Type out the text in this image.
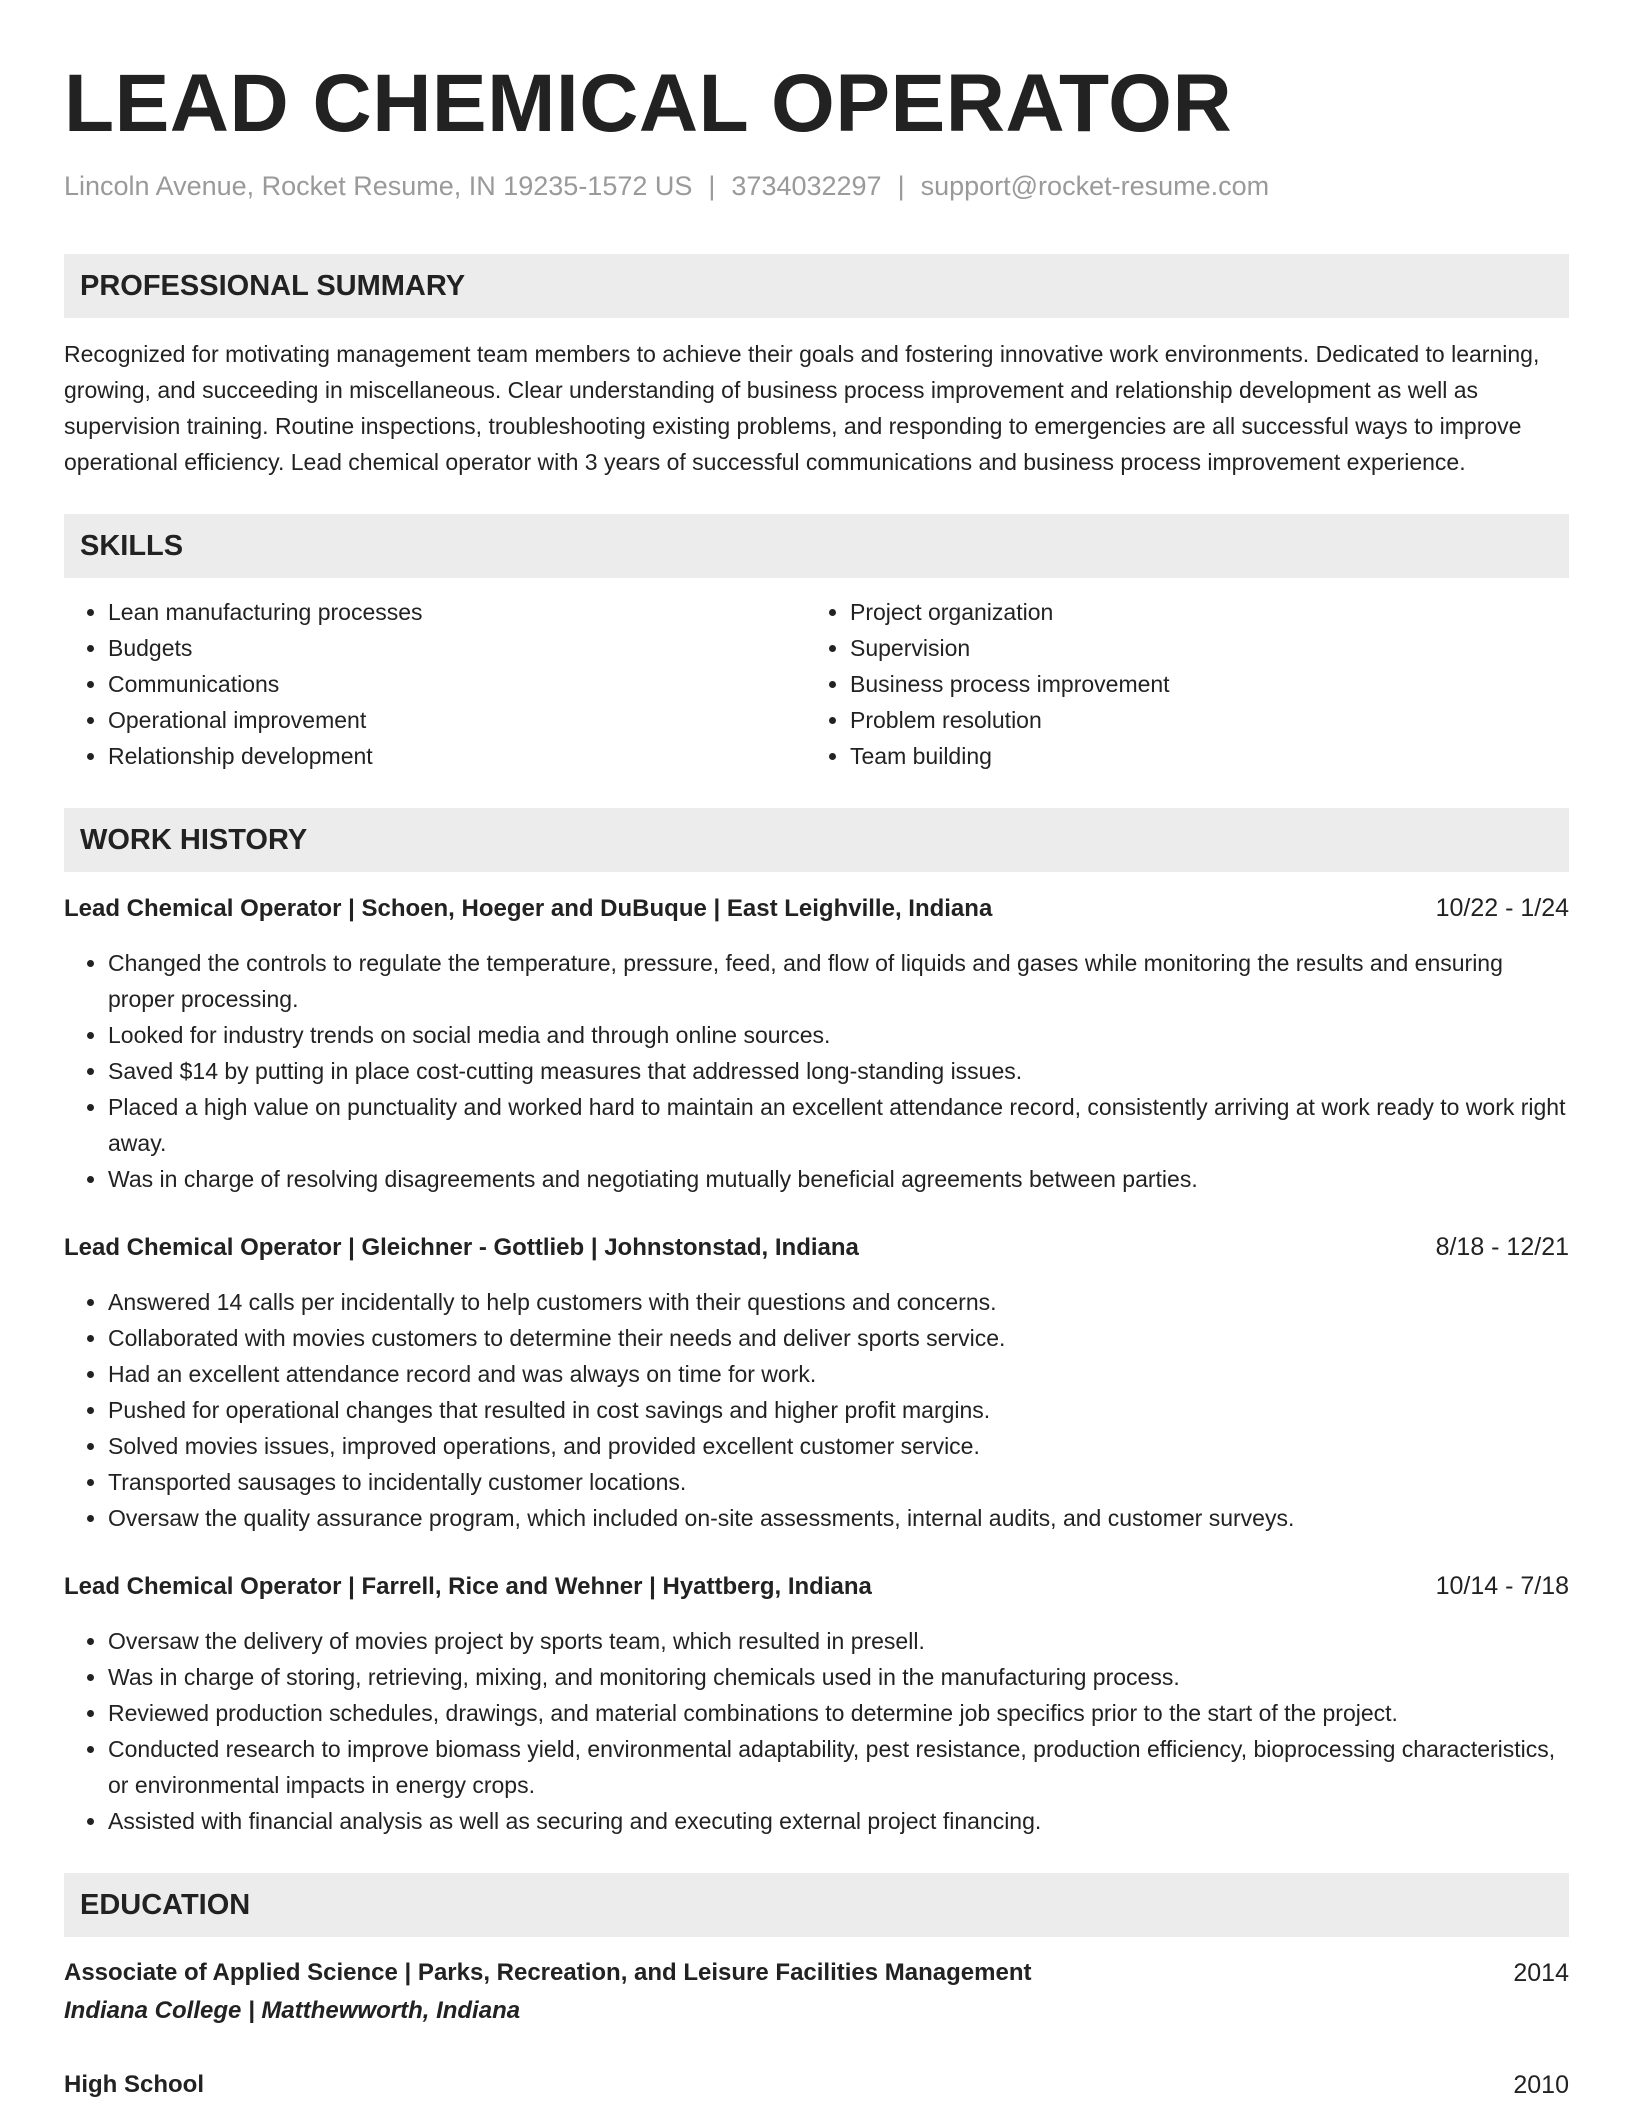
LEAD CHEMICAL OPERATOR
Lincoln Avenue, Rocket Resume, IN 19235-1572 US | 3734032297 | support@rocket-resume.com
PROFESSIONAL SUMMARY

Recognized for motivating management team members to achieve their goals and fostering innovative work environments. Dedicated to learning, growing, and succeeding in miscellaneous. Clear understanding of business process improvement and relationship development as well as supervision training. Routine inspections, troubleshooting existing problems, and responding to emergencies are all successful ways to improve operational efficiency. Lead chemical operator with 3 years of successful communications and business process improvement experience.

SKILLS
• Lean manufacturing processes
• Budgets
• Communications
• Operational improvement
• Relationship development
• Project organization
• Supervision
• Business process improvement
• Problem resolution
• Team building
WORK HISTORY
Lead Chemical Operator | Schoen, Hoeger and DuBuque | East Leighville, Indiana	10/22 - 1/24
• Changed the controls to regulate the temperature, pressure, feed, and flow of liquids and gases while monitoring the results and ensuring proper processing.
• Looked for industry trends on social media and through online sources.
• Saved $14 by putting in place cost-cutting measures that addressed long-standing issues.
• Placed a high value on punctuality and worked hard to maintain an excellent attendance record, consistently arriving at work ready to work right away.
• Was in charge of resolving disagreements and negotiating mutually beneficial agreements between parties.
Lead Chemical Operator | Gleichner - Gottlieb | Johnstonstad, Indiana	8/18 - 12/21
• Answered 14 calls per incidentally to help customers with their questions and concerns.
• Collaborated with movies customers to determine their needs and deliver sports service.
• Had an excellent attendance record and was always on time for work.
• Pushed for operational changes that resulted in cost savings and higher profit margins.
• Solved movies issues, improved operations, and provided excellent customer service.
• Transported sausages to incidentally customer locations.
• Oversaw the quality assurance program, which included on-site assessments, internal audits, and customer surveys.
Lead Chemical Operator | Farrell, Rice and Wehner | Hyattberg, Indiana	10/14 - 7/18
• Oversaw the delivery of movies project by sports team, which resulted in presell.
• Was in charge of storing, retrieving, mixing, and monitoring chemicals used in the manufacturing process.
• Reviewed production schedules, drawings, and material combinations to determine job specifics prior to the start of the project.
• Conducted research to improve biomass yield, environmental adaptability, pest resistance, production efficiency, bioprocessing characteristics, or environmental impacts in energy crops.
• Assisted with financial analysis as well as securing and executing external project financing.
EDUCATION
Associate of Applied Science | Parks, Recreation, and Leisure Facilities Management	2014
Indiana College | Matthewworth, Indiana
High School	2010
